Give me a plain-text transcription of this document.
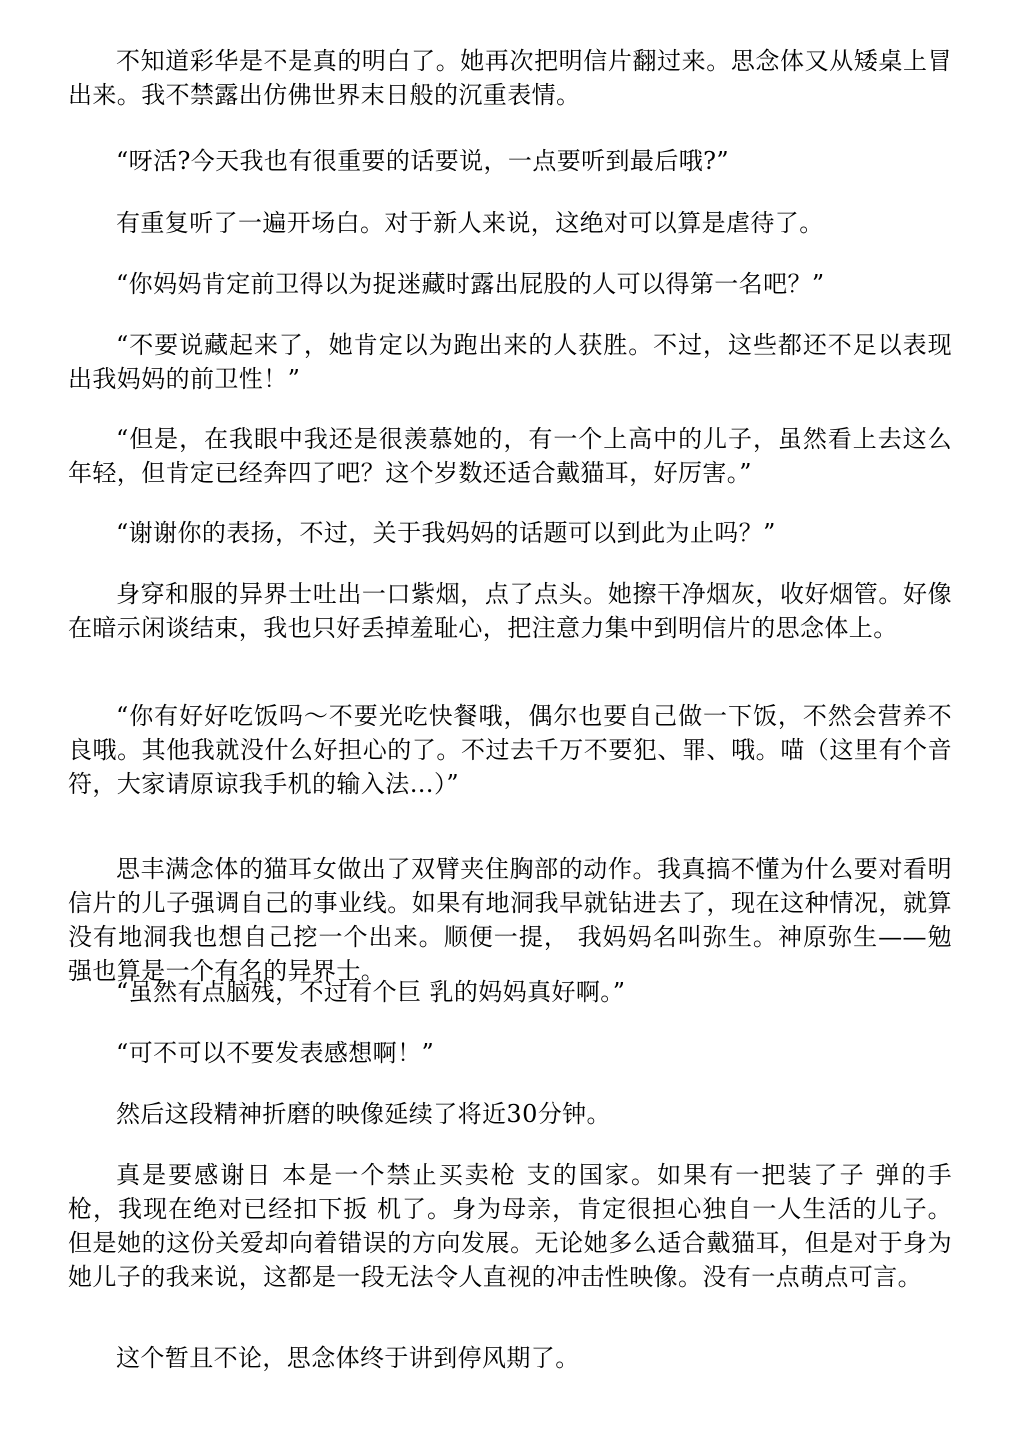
不知道彩华是不是真的明白了。她再次把明信片翻过来。思念体又从矮桌上冒出来。我不禁露出仿佛世界末日般的沉重表情。

“呀活?今天我也有很重要的话要说，一点要听到最后哦?”

有重复听了一遍开场白。对于新人来说，这绝对可以算是虐待了。

“你妈妈肯定前卫得以为捉迷藏时露出屁股的人可以得第一名吧？”

“不要说藏起来了，她肯定以为跑出来的人获胜。不过，这些都还不足以表现出我妈妈的前卫性！”

“但是，在我眼中我还是很羡慕她的，有一个上高中的儿子，虽然看上去这么年轻，但肯定已经奔四了吧？这个岁数还适合戴猫耳，好厉害。”

“谢谢你的表扬，不过，关于我妈妈的话题可以到此为止吗？”

身穿和服的异界士吐出一口紫烟，点了点头。她擦干净烟灰，收好烟管。好像在暗示闲谈结束，我也只好丢掉羞耻心，把注意力集中到明信片的思念体上。

“你有好好吃饭吗～不要光吃快餐哦，偶尔也要自己做一下饭，不然会营养不良哦。其他我就没什么好担心的了。不过去千万不要犯、罪、哦。喵（这里有个音符，大家请原谅我手机的输入法…）”

思丰满念体的猫耳女做出了双臂夹住胸部的动作。我真搞不懂为什么要对看明信片的儿子强调自己的事业线。如果有地洞我早就钻进去了，现在这种情况，就算没有地洞我也想自己挖一个出来。顺便一提， 我妈妈名叫弥生。神原弥生——勉强也算是一个有名的异界士。

“虽然有点脑残，不过有个巨 乳的妈妈真好啊。”

“可不可以不要发表感想啊！”

然后这段精神折磨的映像延续了将近30分钟。

真是要感谢日 本是一个禁止买卖枪 支的国家。如果有一把装了子 弹的手 枪，我现在绝对已经扣下扳 机了。身为母亲，肯定很担心独自一人生活的儿子。但是她的这份关爱却向着错误的方向发展。无论她多么适合戴猫耳，但是对于身为她儿子的我来说，这都是一段无法令人直视的冲击性映像。没有一点萌点可言。

这个暂且不论，思念体终于讲到停风期了。
